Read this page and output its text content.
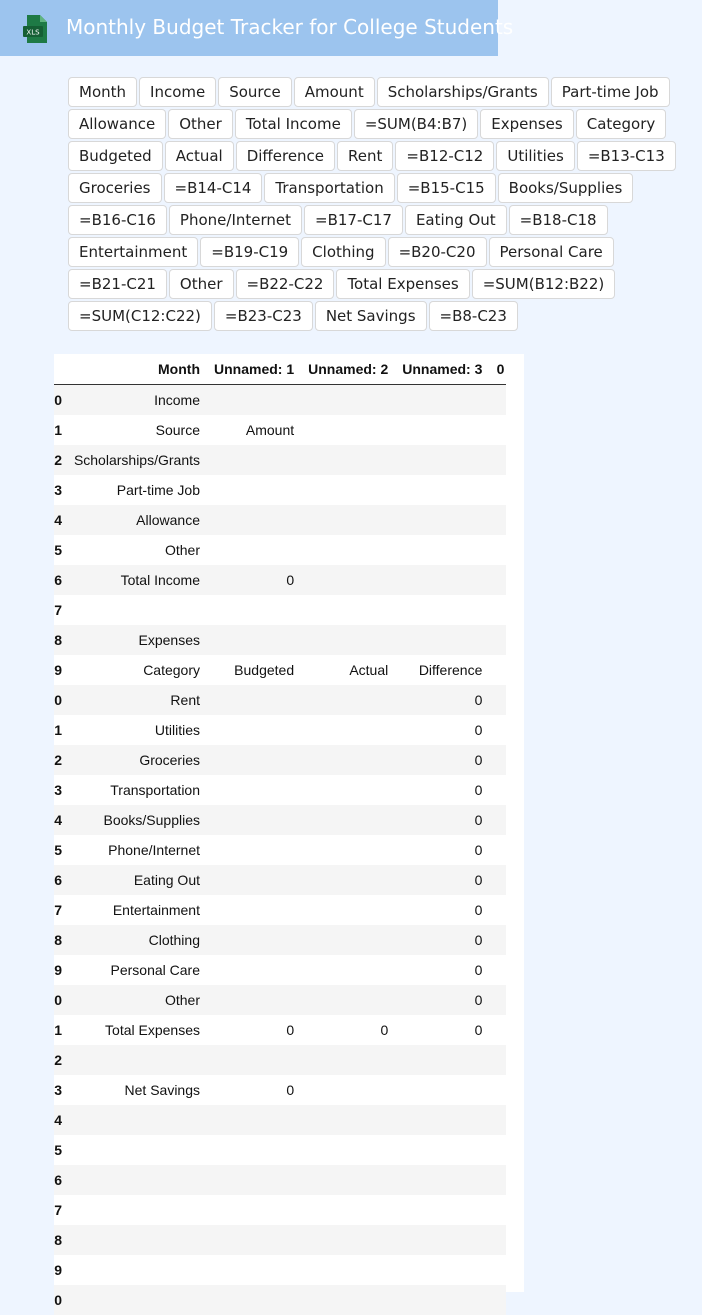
XLS Monthly Budget Tracker for College Students
Month	Income	Source	Amount	Scholarships/Grants	Part-time Job
Allowance	Other	Total Income	=SUM(B4:B7)	Expenses	Category
Budgeted	Actual	Difference	Rent	=B12-C12	Utilities	=B13-C13
Groceries	=B14-C14	Transportation	=B15-C15	Books/Supplies
=B16-C16	Phone/Internet	=B17-C17	Eating Out	=B18-C18
Entertainment	=B19-C19	Clothing	=B20-C20	Personal Care
=B21-C21	Other	=B22-C22	Total Expenses	=SUM(B12:B22)
=SUM(C12:C22)	=B23-C23	Net Savings	=B8-C23
	Month	Unnamed: 1	Unnamed: 2	Unnamed: 3	0
0	Income				
1	Source	Amount			
2	Scholarships/Grants				
3	Part-time Job				
4	Allowance				
5	Other				
6	Total Income	0			
7					
8	Expenses				
9	Category	Budgeted	Actual	Difference	
0	Rent			0	
1	Utilities			0	
2	Groceries			0	
3	Transportation			0	
4	Books/Supplies			0	
5	Phone/Internet			0	
6	Eating Out			0	
7	Entertainment			0	
8	Clothing			0	
9	Personal Care			0	
0	Other			0	
1	Total Expenses	0	0	0	
2					
3	Net Savings	0			
4					
5					
6					
7					
8					
9					
0					
